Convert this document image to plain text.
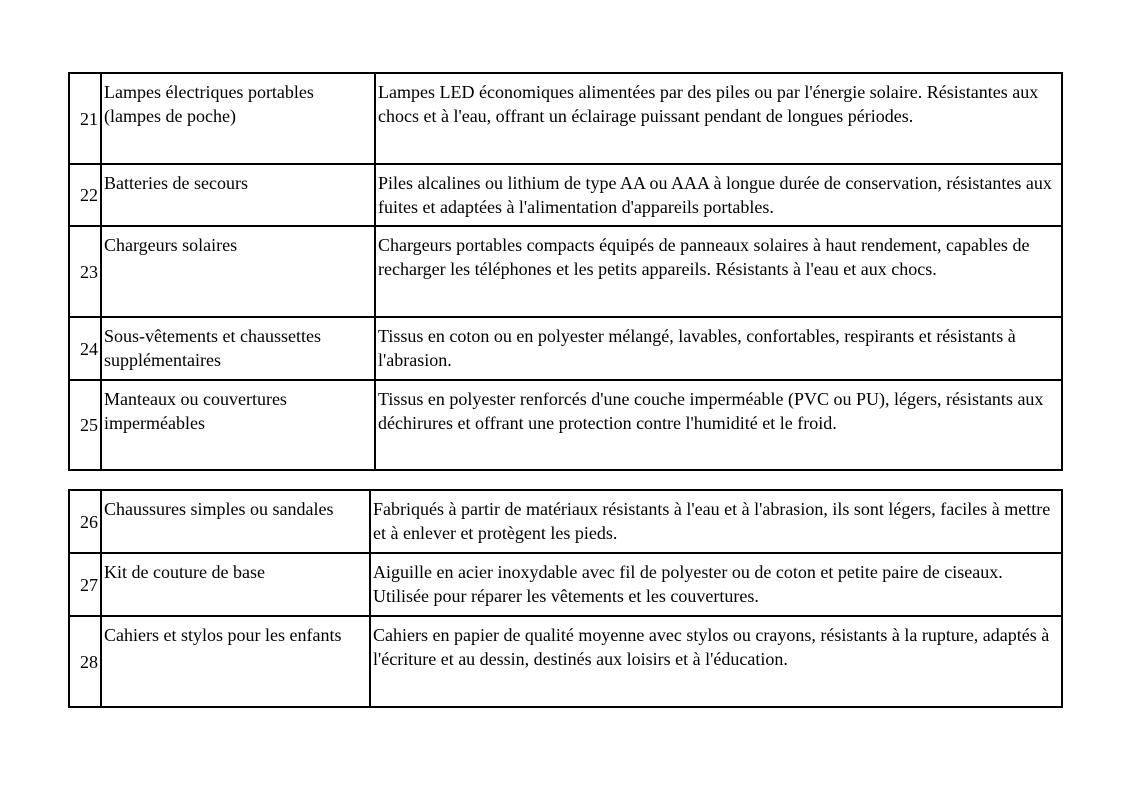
21	Lampes électriques portables (lampes de poche)	Lampes LED économiques alimentées par des piles ou par l'énergie solaire. Résistantes aux chocs et à l'eau, offrant un éclairage puissant pendant de longues périodes.
22	Batteries de secours	Piles alcalines ou lithium de type AA ou AAA à longue durée de conservation, résistantes aux fuites et adaptées à l'alimentation d'appareils portables.
23	Chargeurs solaires	Chargeurs portables compacts équipés de panneaux solaires à haut rendement, capables de recharger les téléphones et les petits appareils. Résistants à l'eau et aux chocs.
24	Sous-vêtements et chaussettes supplémentaires	Tissus en coton ou en polyester mélangé, lavables, confortables, respirants et résistants à l'abrasion.
25	Manteaux ou couvertures imperméables	Tissus en polyester renforcés d'une couche imperméable (PVC ou PU), légers, résistants aux déchirures et offrant une protection contre l'humidité et le froid.
26	Chaussures simples ou sandales	Fabriqués à partir de matériaux résistants à l'eau et à l'abrasion, ils sont légers, faciles à mettre et à enlever et protègent les pieds.
27	Kit de couture de base	Aiguille en acier inoxydable avec fil de polyester ou de coton et petite paire de ciseaux. Utilisée pour réparer les vêtements et les couvertures.
28	Cahiers et stylos pour les enfants	Cahiers en papier de qualité moyenne avec stylos ou crayons, résistants à la rupture, adaptés à l'écriture et au dessin, destinés aux loisirs et à l'éducation.
